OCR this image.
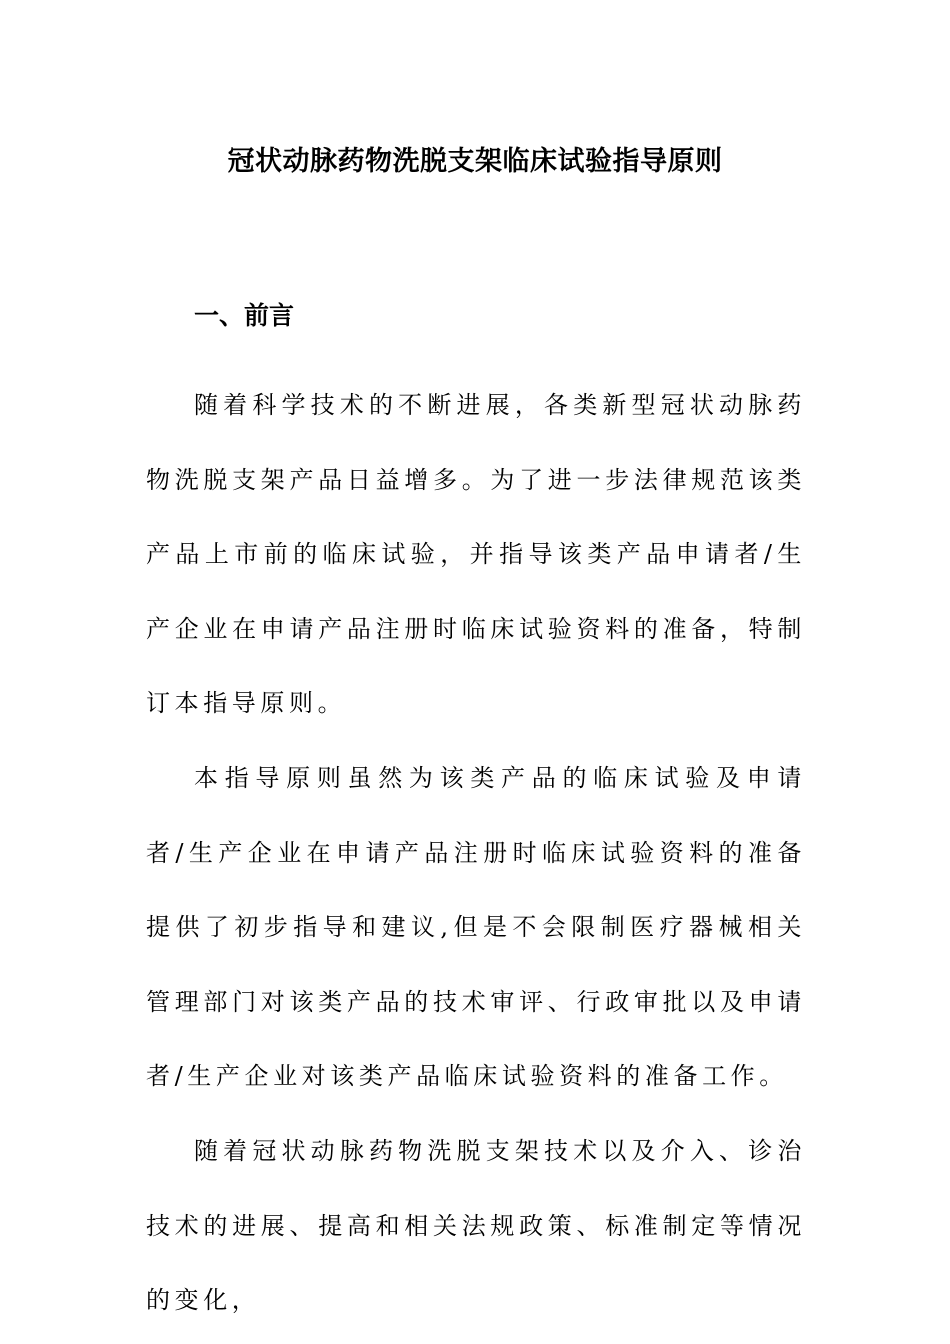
冠状动脉药物洗脱支架临床试验指导原则
一、前言

随着科学技术的不断进展，各类新型冠状动脉药物洗脱支架产品日益增多。为了进一步法律规范该类产品上市前的临床试验，并指导该类产品申请者/生产企业在申请产品注册时临床试验资料的准备，特制订本指导原则。

本指导原则虽然为该类产品的临床试验及申请者/生产企业在申请产品注册时临床试验资料的准备提供了初步指导和建议,但是不会限制医疗器械相关管理部门对该类产品的技术审评、行政审批以及申请者/生产企业对该类产品临床试验资料的准备工作。

随着冠状动脉药物洗脱支架技术以及介入、诊治技术的进展、提高和相关法规政策、标准制定等情况的变化，
